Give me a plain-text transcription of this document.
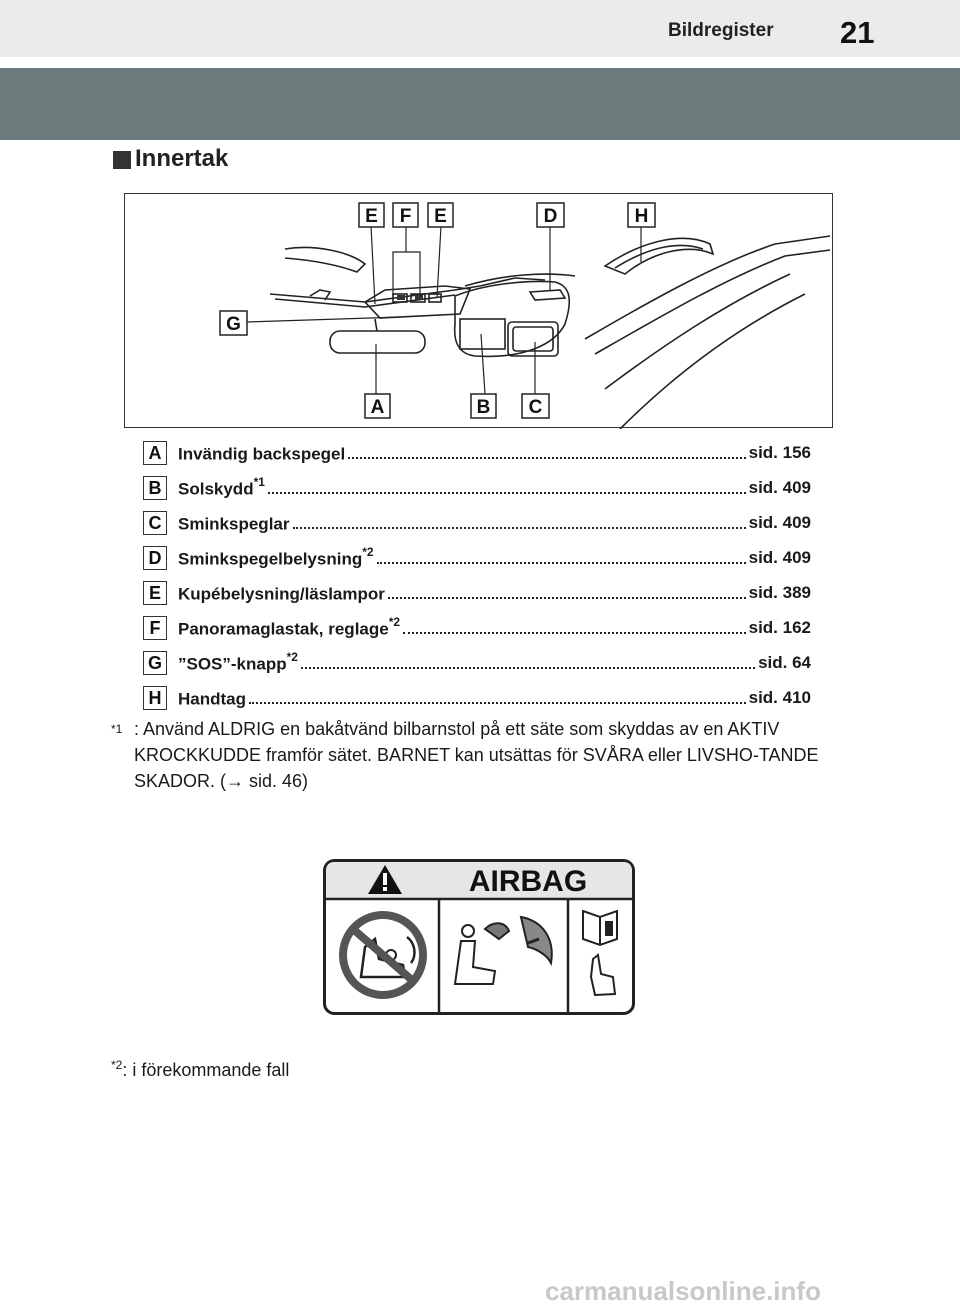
Bildregister 21
Innertak
E F E	D	H
G
A	B C
A Invändig backspegel	sid. 156
B Solskydd$^{*1}$	sid. 409
C Sminkspeglar	sid. 409
D Sminkspegelbelysning$^{*2}$	sid. 409
E	Kupébelysning/läslampor	sid. 389
F	Panoramaglastak, reglage$^{*2}$	sid. 162
G ”SOS”-knapp$^{*2}$	sid. 64
H Handtag	sid. 410
$^{*1}$ : Använd ALDRIG en bakåtvänd bilbarnstol på ett säte som skyddas av en AKTIV KROCKKUDDE framför sätet. BARNET kan utsättas för SVÅRA eller LIVSHO-TANDE SKADOR. (→ sid. 46)
AIRBAG
$^{*2}$: i förekommande fall
carmanualsonline.info
